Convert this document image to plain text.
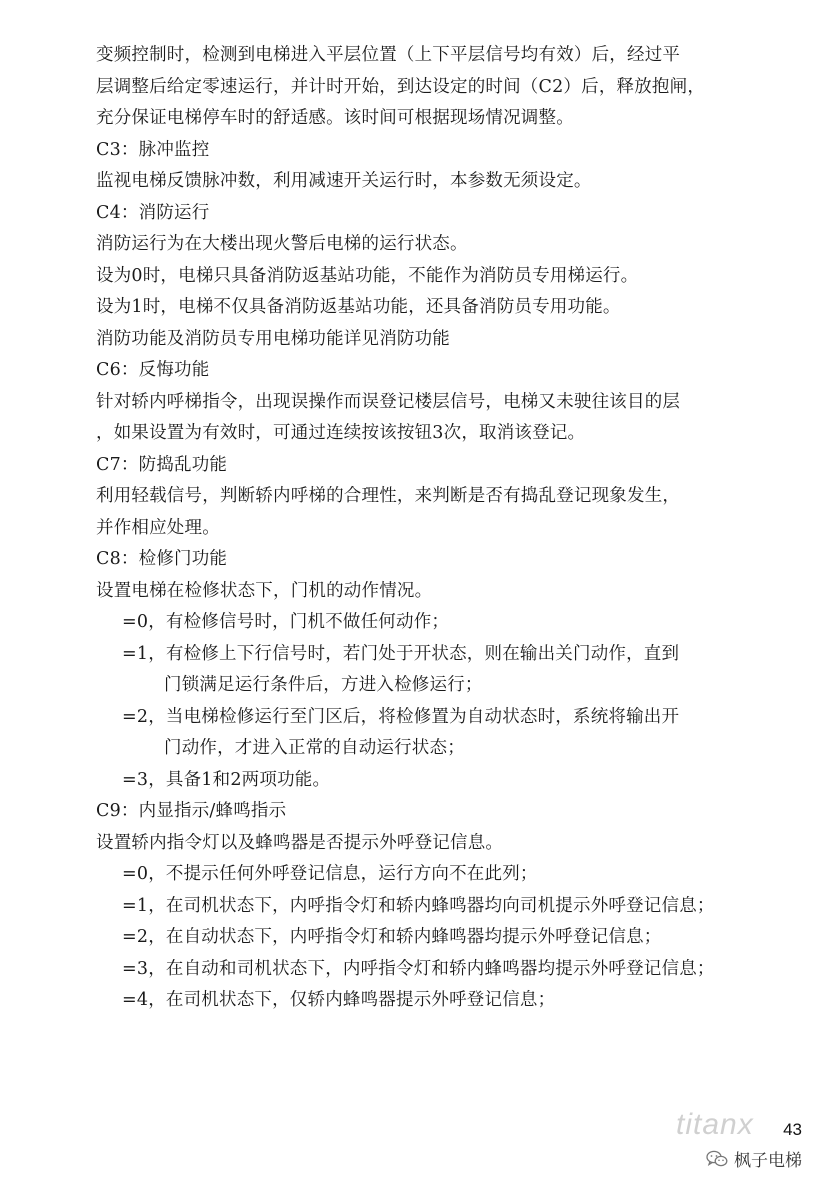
变频控制时，检测到电梯进入平层位置（上下平层信号均有效）后，经过平
层调整后给定零速运行，并计时开始，到达设定的时间（C2）后，释放抱闸，
充分保证电梯停车时的舒适感。该时间可根据现场情况调整。
C3：脉冲监控
监视电梯反馈脉冲数，利用减速开关运行时，本参数无须设定。
C4：消防运行
消防运行为在大楼出现火警后电梯的运行状态。
设为0时，电梯只具备消防返基站功能，不能作为消防员专用梯运行。
设为1时，电梯不仅具备消防返基站功能，还具备消防员专用功能。
消防功能及消防员专用电梯功能详见消防功能
C6：反悔功能
针对轿内呼梯指令，出现误操作而误登记楼层信号，电梯又未驶往该目的层
，如果设置为有效时，可通过连续按该按钮3次，取消该登记。
C7：防捣乱功能
利用轻载信号，判断轿内呼梯的合理性，来判断是否有捣乱登记现象发生，
并作相应处理。
C8：检修门功能
设置电梯在检修状态下，门机的动作情况。
=0，有检修信号时，门机不做任何动作；
=1，有检修上下行信号时，若门处于开状态，则在输出关门动作，直到
门锁满足运行条件后，方进入检修运行；
=2，当电梯检修运行至门区后，将检修置为自动状态时，系统将输出开
门动作，才进入正常的自动运行状态；
=3，具备1和2两项功能。
C9：内显指示/蜂鸣指示
设置轿内指令灯以及蜂鸣器是否提示外呼登记信息。
=0，不提示任何外呼登记信息，运行方向不在此列；
=1，在司机状态下，内呼指令灯和轿内蜂鸣器均向司机提示外呼登记信息；
=2，在自动状态下，内呼指令灯和轿内蜂鸣器均提示外呼登记信息；
=3，在自动和司机状态下，内呼指令灯和轿内蜂鸣器均提示外呼登记信息；
=4，在司机状态下，仅轿内蜂鸣器提示外呼登记信息；
titanx 43
枫子电梯
